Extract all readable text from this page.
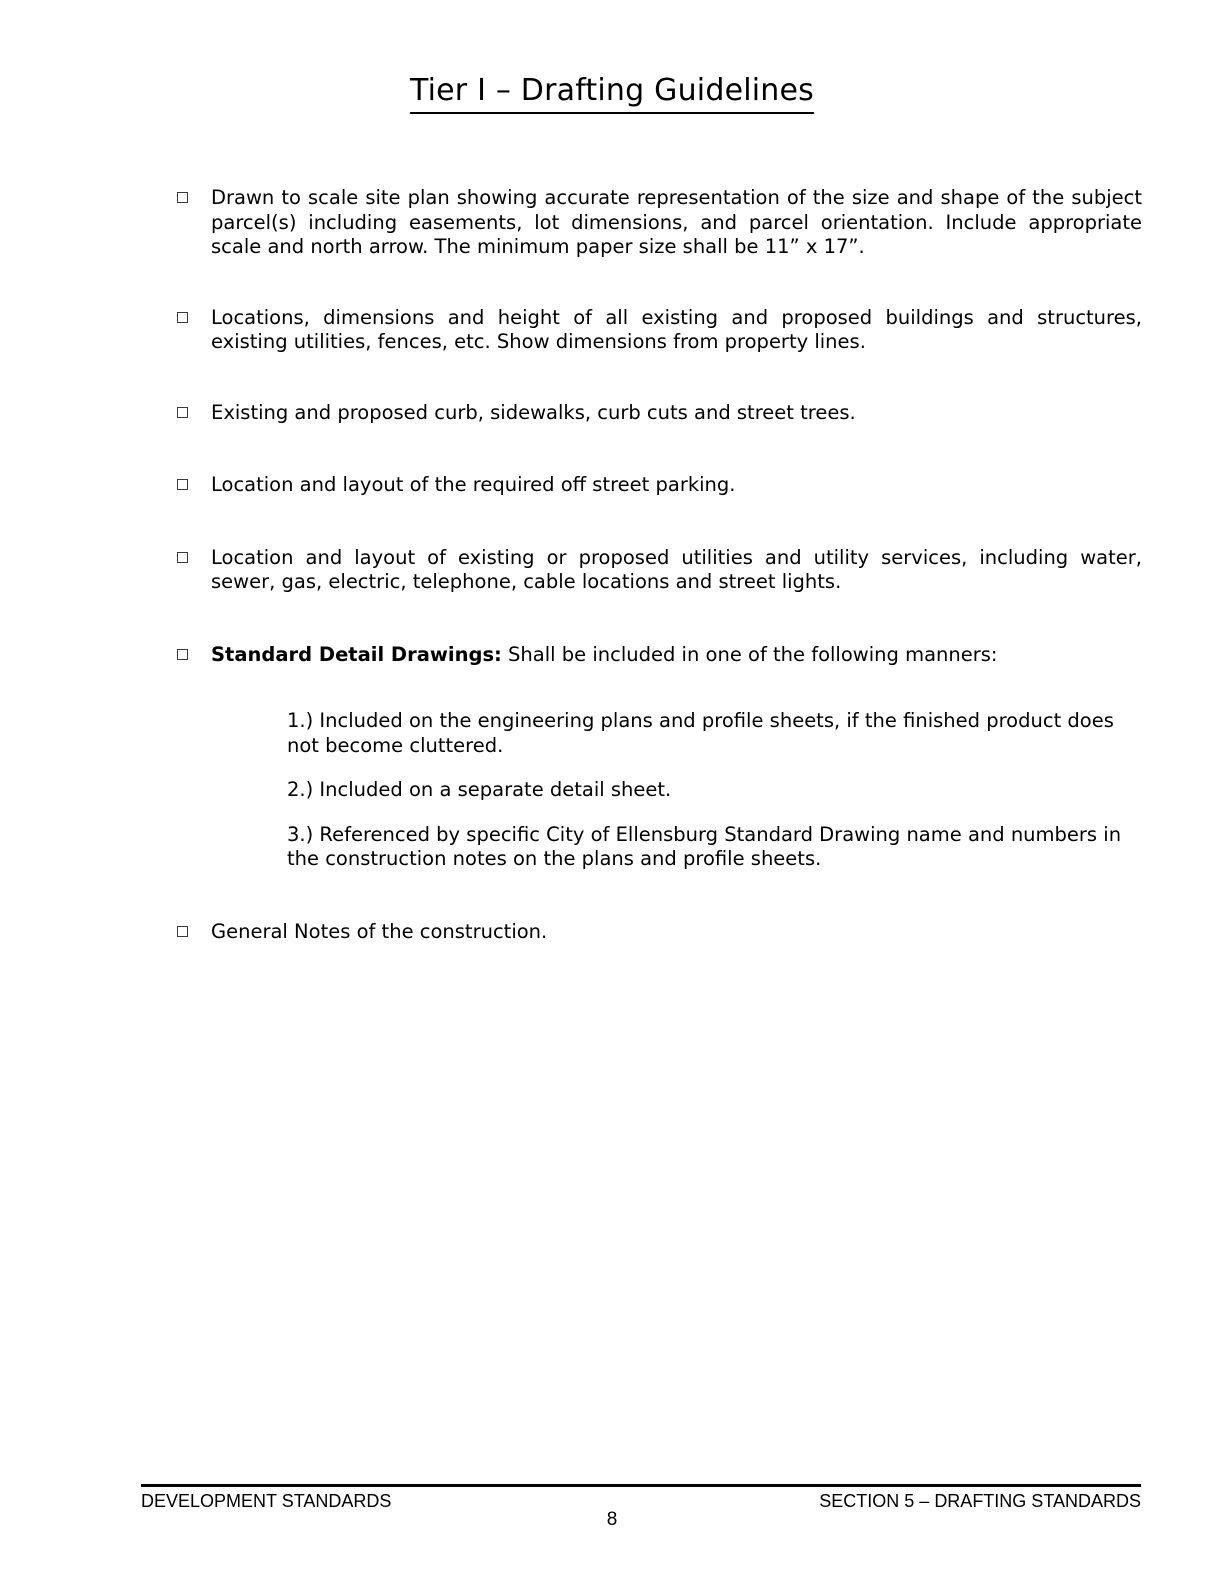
Tier I – Drafting Guidelines
Drawn to scale site plan showing accurate representation of the size and shape of the subject parcel(s) including easements, lot dimensions, and parcel orientation. Include appropriate scale and north arrow. The minimum paper size shall be 11” x 17”.
Locations, dimensions and height of all existing and proposed buildings and structures, existing utilities, fences, etc. Show dimensions from property lines.
Existing and proposed curb, sidewalks, curb cuts and street trees.
Location and layout of the required off street parking.
Location and layout of existing or proposed utilities and utility services, including water, sewer, gas, electric, telephone, cable locations and street lights.
Standard Detail Drawings: Shall be included in one of the following manners:
1.) Included on the engineering plans and profile sheets, if the finished product does not become cluttered.
2.) Included on a separate detail sheet.
3.) Referenced by specific City of Ellensburg Standard Drawing name and numbers in the construction notes on the plans and profile sheets.
General Notes of the construction.
DEVELOPMENT STANDARDS	SECTION 5 – DRAFTING STANDARDS
8
